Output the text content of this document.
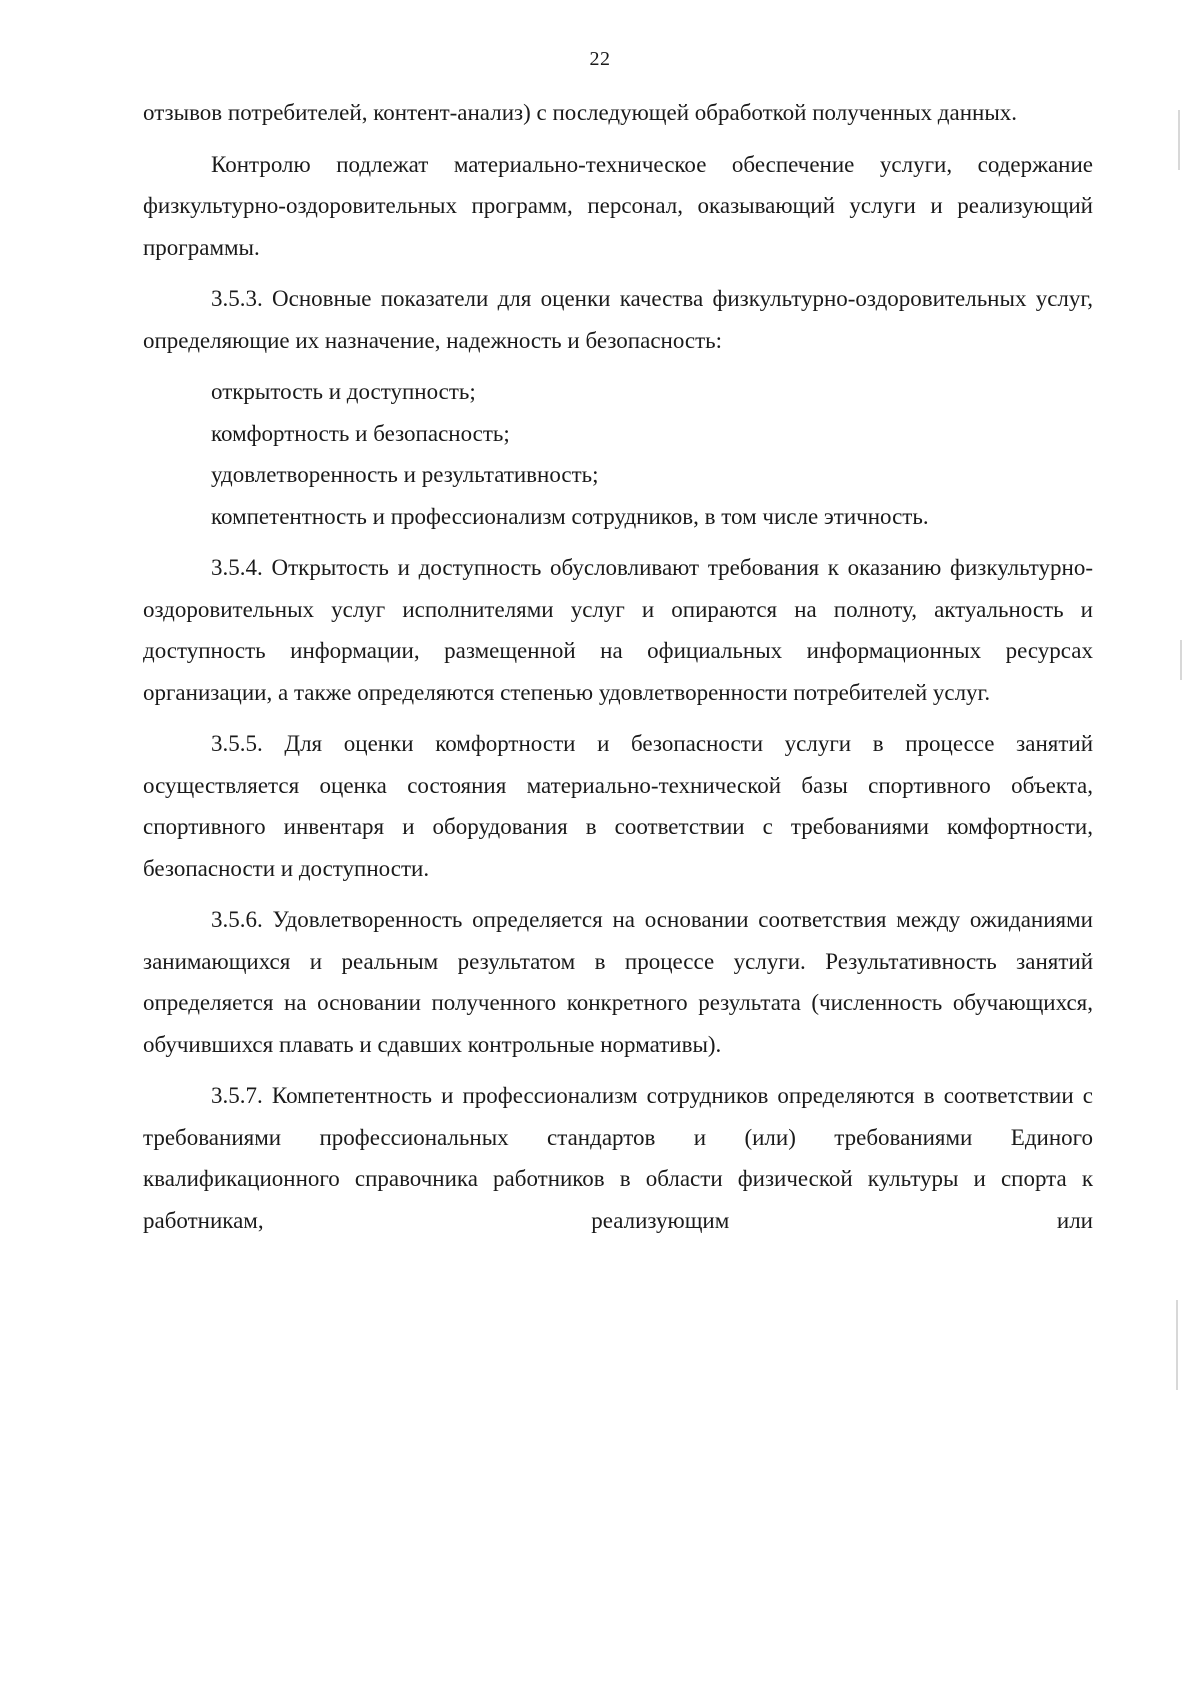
22

отзывов потребителей, контент-анализ) с последующей обработкой полученных данных.

Контролю подлежат материально-техническое обеспечение услуги, содержание физкультурно-оздоровительных программ, персонал, оказывающий услуги и реализующий программы.

3.5.3. Основные показатели для оценки качества физкультурно-оздоровительных услуг, определяющие их назначение, надежность и безопасность:

открытость и доступность;

комфортность и безопасность;

удовлетворенность и результативность;

компетентность и профессионализм сотрудников, в том числе этичность.

3.5.4. Открытость и доступность обусловливают требования к оказанию физкультурно-оздоровительных услуг исполнителями услуг и опираются на полноту, актуальность и доступность информации, размещенной на официальных информационных ресурсах организации, а также определяются степенью удовлетворенности потребителей услуг.

3.5.5. Для оценки комфортности и безопасности услуги в процессе занятий осуществляется оценка состояния материально-технической базы спортивного объекта, спортивного инвентаря и оборудования в соответствии с требованиями комфортности, безопасности и доступности.

3.5.6. Удовлетворенность определяется на основании соответствия между ожиданиями занимающихся и реальным результатом в процессе услуги. Результативность занятий определяется на основании полученного конкретного результата (численность обучающихся, обучившихся плавать и сдавших контрольные нормативы).

3.5.7. Компетентность и профессионализм сотрудников определяются в соответствии с требованиями профессиональных стандартов и (или) требованиями Единого квалификационного справочника работников в области физической культуры и спорта к работникам, реализующим или
